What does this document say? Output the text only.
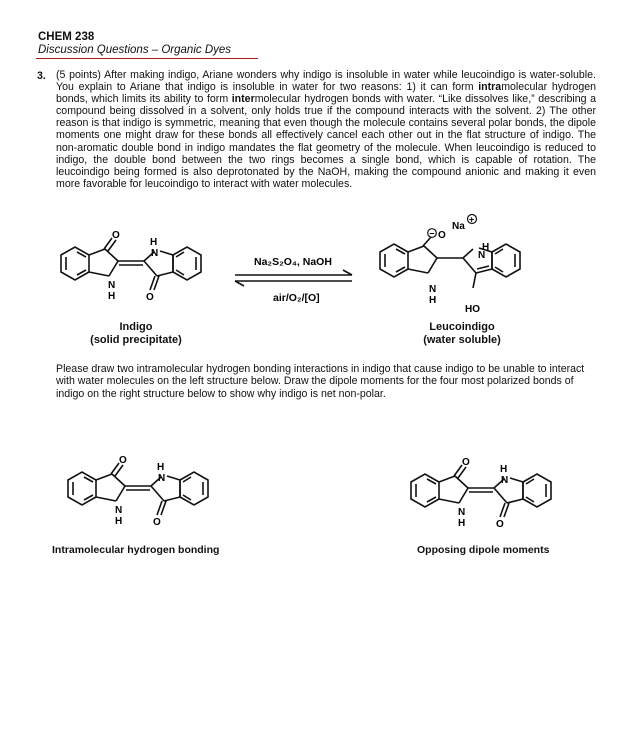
CHEM 238
Discussion Questions – Organic Dyes
3. (5 points) After making indigo, Ariane wonders why indigo is insoluble in water while leucoindigo is water-soluble. You explain to Ariane that indigo is insoluble in water for two reasons: 1) it can form intramolecular hydrogen bonds, which limits its ability to form intermolecular hydrogen bonds with water. “Like dissolves like,” describing a compound being dissolved in a solvent, only holds true if the compound interacts with the solvent. 2) The other reason is that indigo is symmetric, meaning that even though the molecule contains several polar bonds, the dipole moments one might draw for these bonds all effectively cancel each other out in the flat structure of indigo. The non-aromatic double bond in indigo mandates the flat geometry of the molecule. When leucoindigo is reduced to indigo, the double bond between the two rings becomes a single bond, which is capable of rotation. The leucoindigo being formed is also deprotonated by the NaOH, making the compound anionic and making it even more favorable for leucoindigo to interact with water molecules.
O
H
N
N
H	O
Na₂S₂O₄, NaOH
air/O₂/[O]
− O
Na
+
H
N
N
H
HO
Indigo
(solid precipitate)
Leucoindigo
(water soluble)
Please draw two intramolecular hydrogen bonding interactions in indigo that cause indigo to be unable to interact with water molecules on the left structure below. Draw the dipole moments for the four most polarized bonds of indigo on the right structure below to show why indigo is net non-polar.
O
H
N
N
H	O
O
H
N
N
H	O
Intramolecular hydrogen bonding	Opposing dipole moments
